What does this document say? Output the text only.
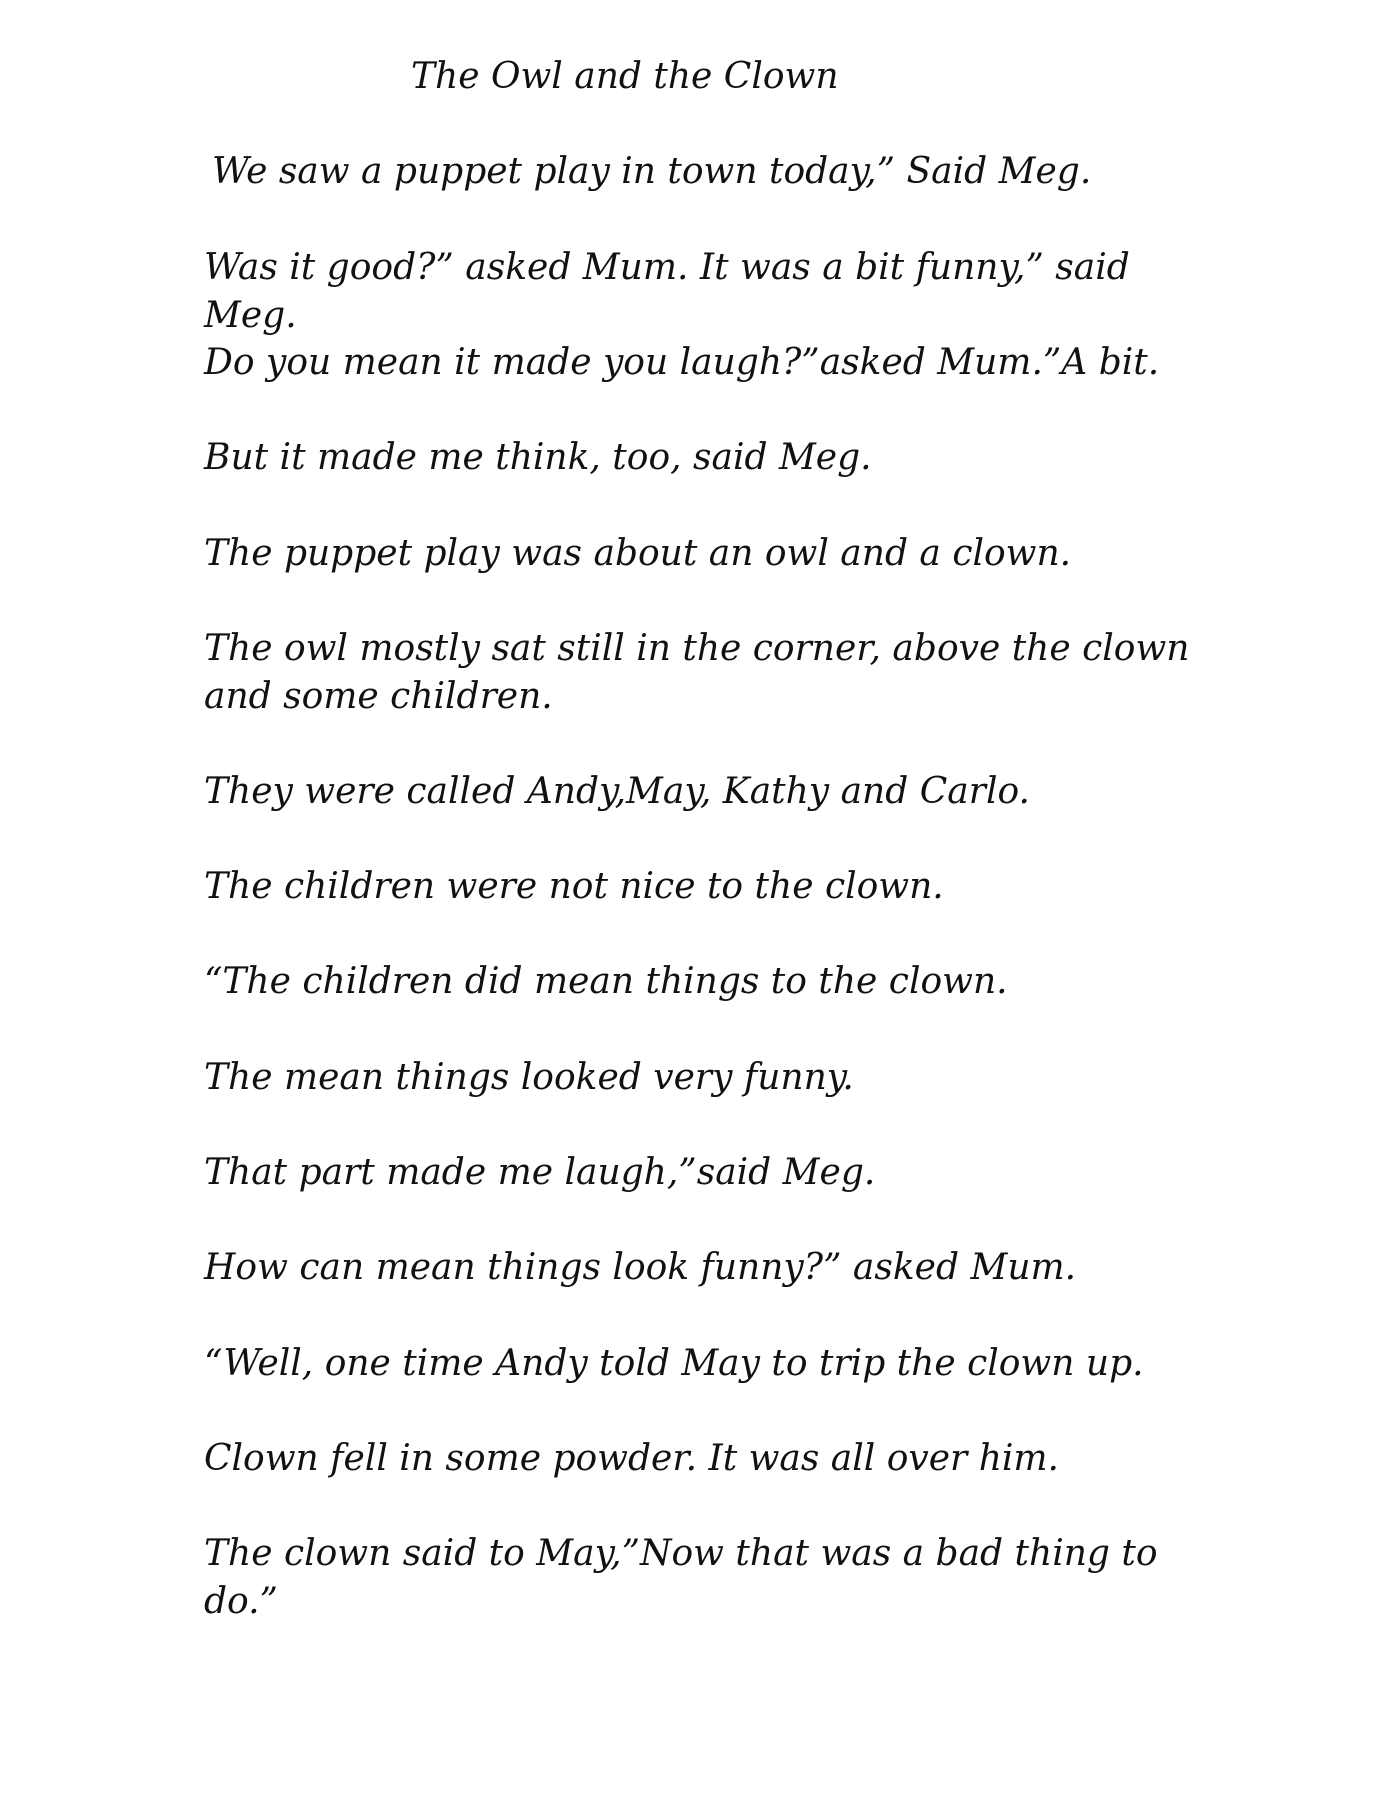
The Owl and the Clown

We saw a puppet play in town today,” Said Meg.

Was it good?” asked Mum. It was a bit funny,” said Meg.

Do you mean it made you laugh?”asked Mum.”A bit.

But it made me think, too, said Meg.

The puppet play was about an owl and a clown.

The owl mostly sat still in the corner, above the clown and some children.

They were called Andy,May, Kathy and Carlo.

The children were not nice to the clown.

“The children did mean things to the clown.

The mean things looked very funny.

That part made me laugh,”said Meg.

How can mean things look funny?” asked Mum.

“Well, one time Andy told May to trip the clown up.

Clown fell in some powder. It was all over him.

The clown said to May,”Now that was a bad thing to do.”
